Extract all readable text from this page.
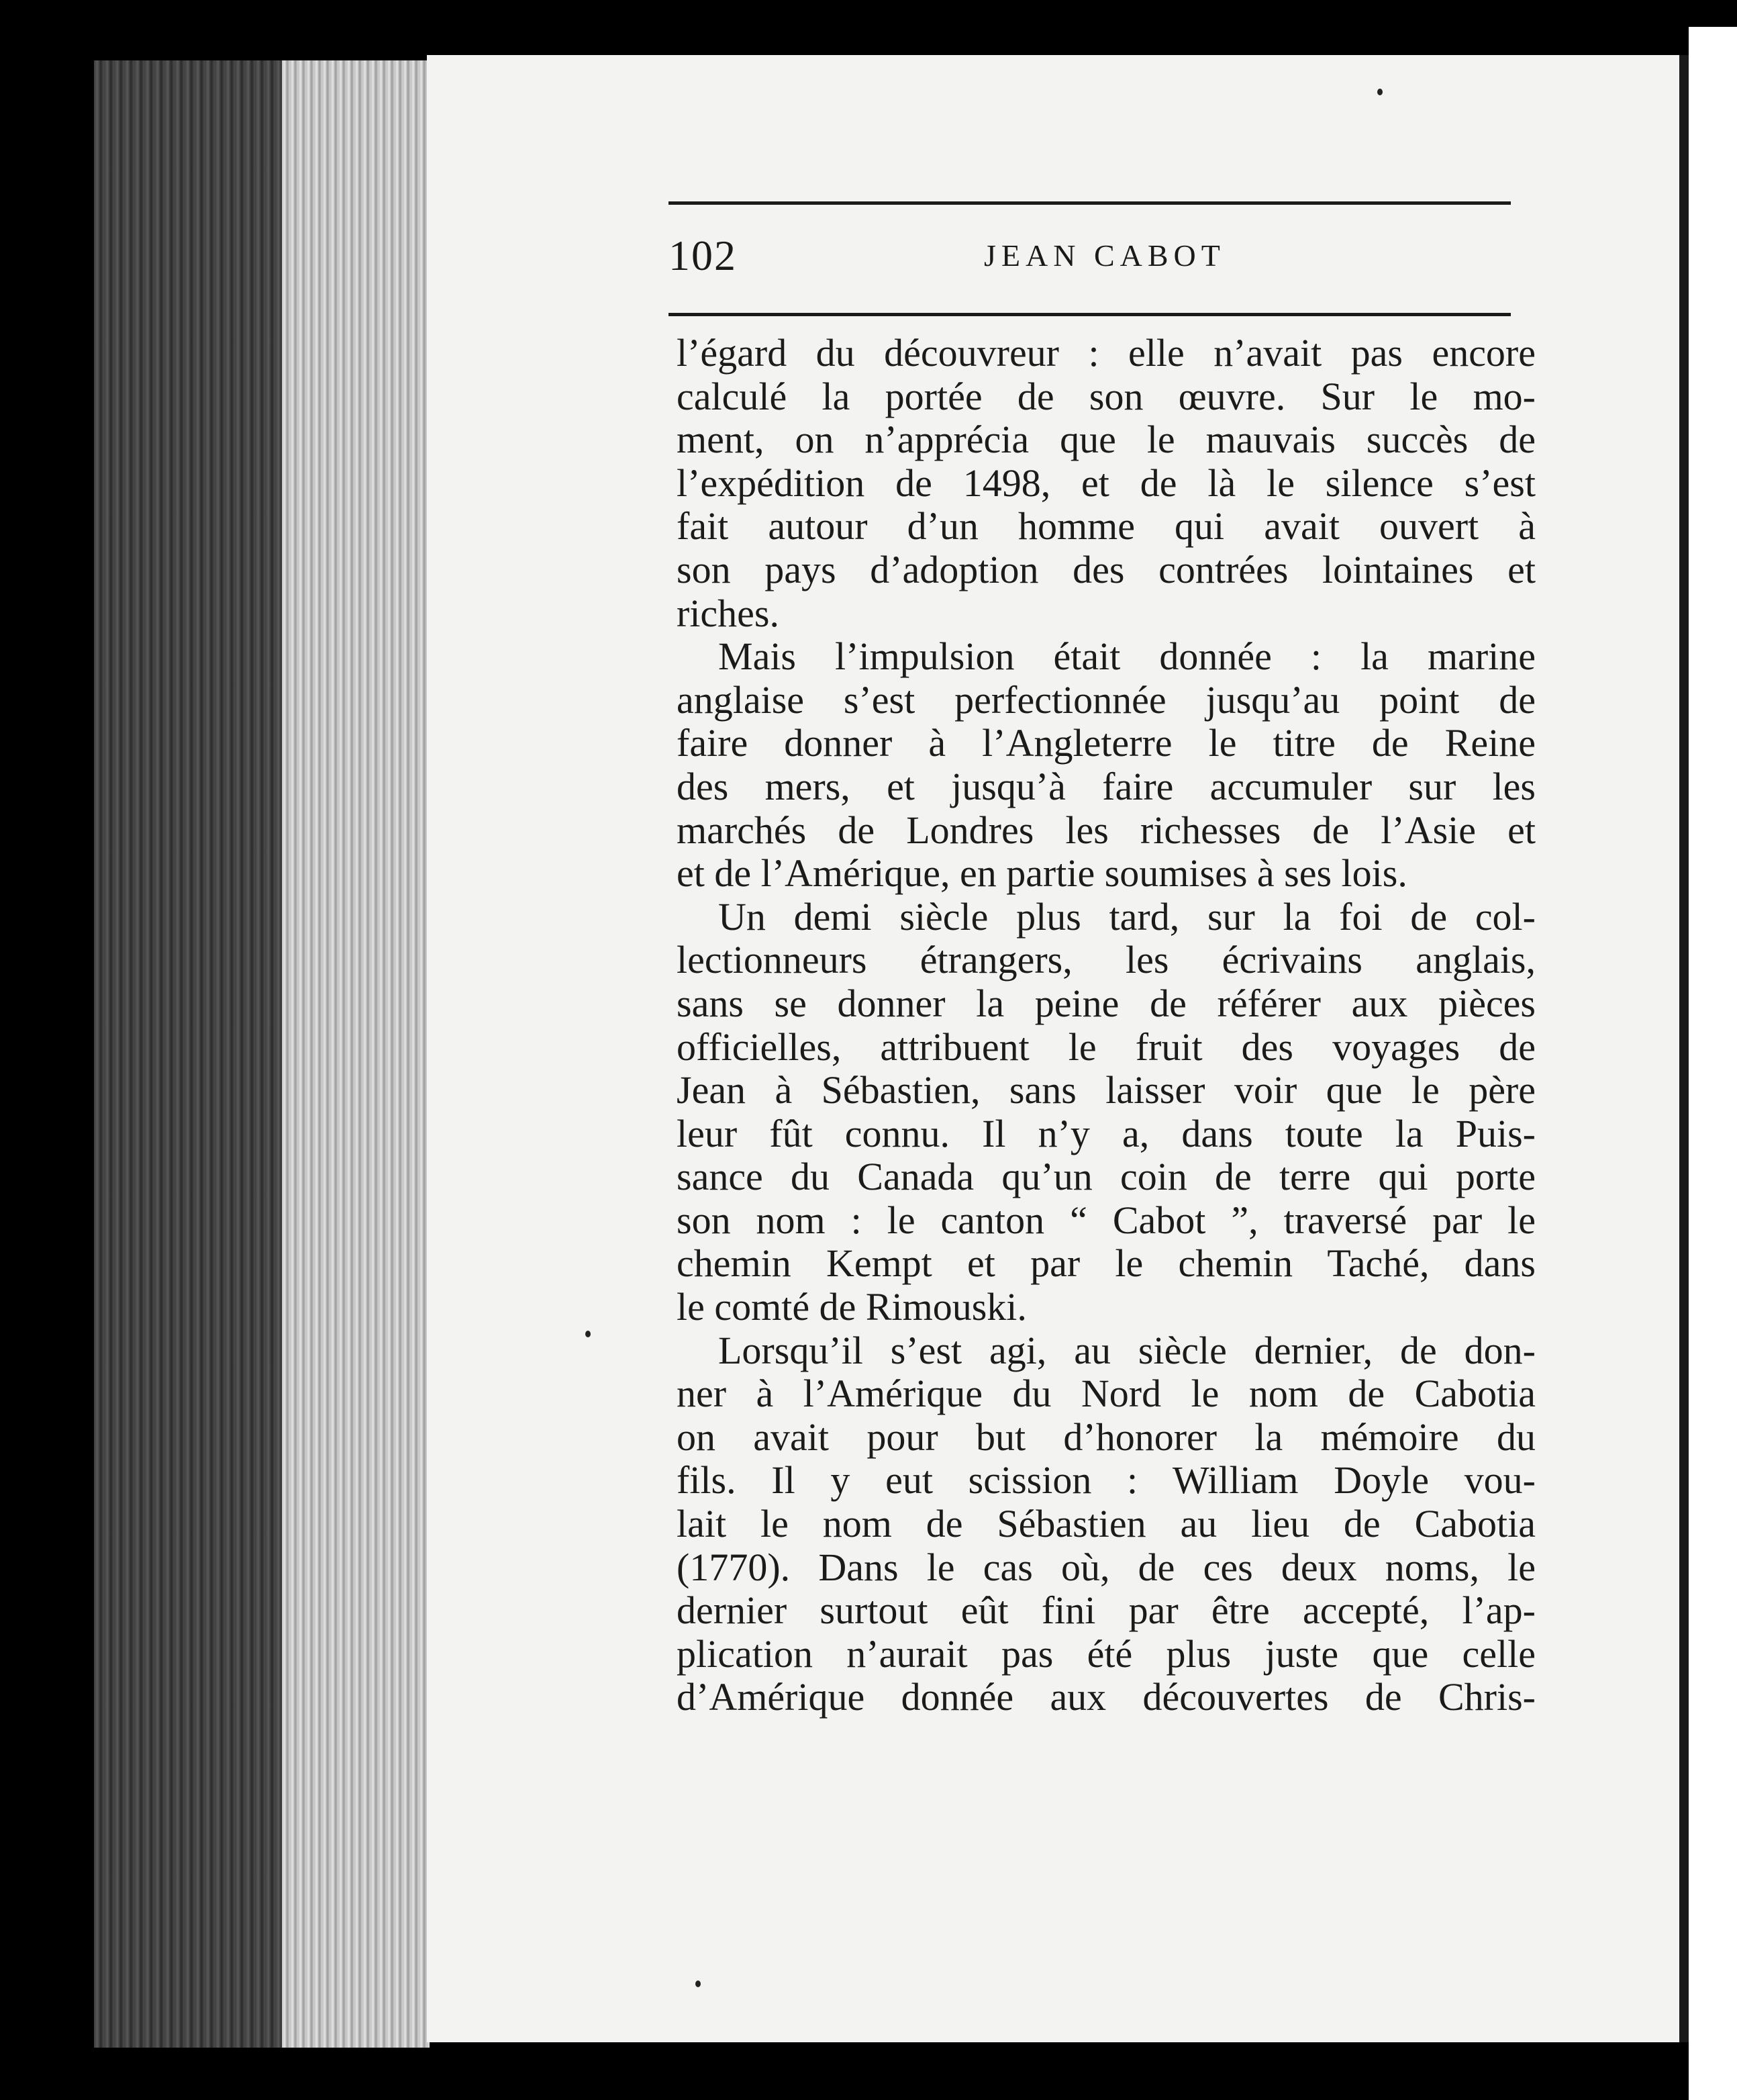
102	JEAN CABOT
l’égard du découvreur : elle n’avait pas encore
calculé la portée de son œuvre. Sur le mo-
ment, on n’apprécia que le mauvais succès de
l’expédition de 1498, et de là le silence s’est
fait autour d’un homme qui avait ouvert à
son pays d’adoption des contrées lointaines et
riches.
Mais l’impulsion était donnée : la marine
anglaise s’est perfectionnée jusqu’au point de
faire donner à l’Angleterre le titre de Reine
des mers, et jusqu’à faire accumuler sur les
marchés de Londres les richesses de l’Asie et
et de l’Amérique, en partie soumises à ses lois.
Un demi siècle plus tard, sur la foi de col-
lectionneurs étrangers, les écrivains anglais,
sans se donner la peine de référer aux pièces
officielles, attribuent le fruit des voyages de
Jean à Sébastien, sans laisser voir que le père
leur fût connu. Il n’y a, dans toute la Puis-
sance du Canada qu’un coin de terre qui porte
son nom : le canton “ Cabot ”, traversé par le
chemin Kempt et par le chemin Taché, dans
le comté de Rimouski.
Lorsqu’il s’est agi, au siècle dernier, de don-
ner à l’Amérique du Nord le nom de Cabotia
on avait pour but d’honorer la mémoire du
fils. Il y eut scission : William Doyle vou-
lait le nom de Sébastien au lieu de Cabotia
(1770). Dans le cas où, de ces deux noms, le
dernier surtout eût fini par être accepté, l’ap-
plication n’aurait pas été plus juste que celle
d’Amérique donnée aux découvertes de Chris-
